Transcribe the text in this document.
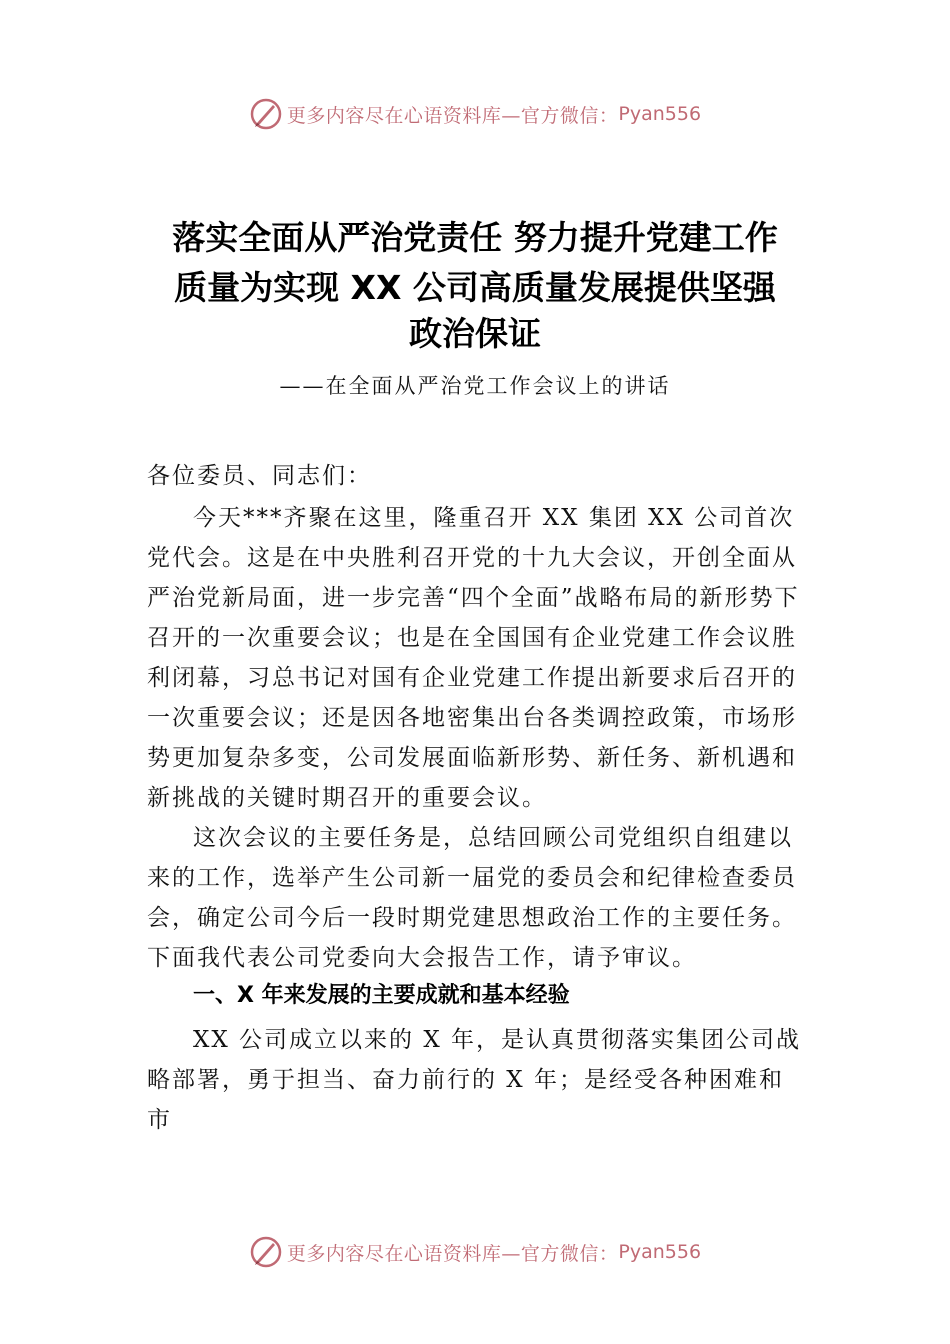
更多内容尽在心语资料库—官方微信： Pyan556
落实全面从严治党责任 努力提升党建工作
质量为实现 XX 公司高质量发展提供坚强
政治保证
——在全面从严治党工作会议上的讲话
各位委员、同志们：
今天***齐聚在这里，隆重召开 XX 集团 XX 公司首次党代会。这是在中央胜利召开党的十九大会议，开创全面从严治党新局面，进一步完善“四个全面”战略布局的新形势下召开的一次重要会议；也是在全国国有企业党建工作会议胜利闭幕，习总书记对国有企业党建工作提出新要求后召开的一次重要会议；还是因各地密集出台各类调控政策，市场形势更加复杂多变，公司发展面临新形势、新任务、新机遇和新挑战的关键时期召开的重要会议。
这次会议的主要任务是，总结回顾公司党组织自组建以来的工作，选举产生公司新一届党的委员会和纪律检查委员会，确定公司今后一段时期党建思想政治工作的主要任务。下面我代表公司党委向大会报告工作，请予审议。
一、X 年来发展的主要成就和基本经验
XX 公司成立以来的 X 年，是认真贯彻落实集团公司战略部署，勇于担当、奋力前行的 X 年；是经受各种困难和市
更多内容尽在心语资料库—官方微信： Pyan556
